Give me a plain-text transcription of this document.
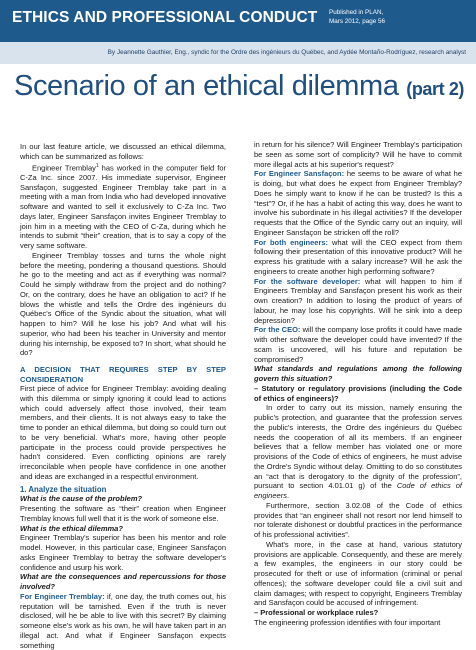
ETHICS AND PROFESSIONAL CONDUCT Published in PLAN,
Mars 2012, page 56
By Jeannette Gauthier, Eng., syndic for the Ordre des ingénieurs du Québec, and Aydée Montaño-Rodríguez, research analyst
Scenario of an ethical dilemma (part 2)

In our last feature article, we discussed an ethical dilemma, which can be summarized as follows:

Engineer Tremblay$^1$ has worked in the computer field for C-Za Inc. since 2007. His immediate supervisor, Engineer Sansfaçon, suggested Engineer Tremblay take part in a meeting with a man from India who had developed innovative software and wanted to sell it exclusively to C-Za Inc. Two days later, Engineer Sansfaçon invites Engineer Tremblay to join him in a meeting with the CEO of C-Za, during which he intends to submit “their” creation, that is to say a copy of the very same software.

Engineer Tremblay tosses and turns the whole night before the meeting, pondering a thousand questions. Should he go to the meeting and act as if everything was normal? Could he simply withdraw from the project and do nothing? Or, on the contrary, does he have an obligation to act? If he blows the whistle and tells the Ordre des ingénieurs du Québec's Office of the Syndic about the situation, what will happen to him? Will he lose his job? And what will his superior, who had been his teacher in University and mentor during his internship, be exposed to? In short, what should he do?

A DECISION THAT REQUIRES STEP BY STEP CONSIDERATION

First piece of advice for Engineer Tremblay: avoiding dealing with this dilemma or simply ignoring it could lead to actions which could adversely affect those involved, their team members, and their clients. It is not always easy to take the time to ponder an ethical dilemma, but doing so could turn out to be very beneficial. What's more, having other people participate in the process could provide perspectives he hadn't considered. Even conflicting opinions are rarely irreconcilable when people have confidence in one another and ideas are exchanged in a respectful environment.

1. Analyze the situation

What is the cause of the problem?

Presenting the software as “their” creation when Engineer Tremblay knows full well that it is the work of someone else.

What is the ethical dilemma?

Engineer Tremblay's superior has been his mentor and role model. However, in this particular case, Engineer Sansfaçon asks Engineer Tremblay to betray the software developer's confidence and usurp his work.

What are the consequences and repercussions for those involved?

For Engineer Tremblay: if, one day, the truth comes out, his reputation will be tarnished. Even if the truth is never disclosed, will he be able to live with this secret? By claiming someone else's work as his own, he will have taken part in an illegal act. And what if Engineer Sansfaçon expects something

in return for his silence? Will Engineer Tremblay's participation be seen as some sort of complicity? Will he have to commit more illegal acts at his superior's request?

For Engineer Sansfaçon: he seems to be aware of what he is doing, but what does he expect from Engineer Tremblay? Does he simply want to know if he can be trusted? Is this a “test”? Or, if he has a habit of acting this way, does he want to involve his subordinate in his illegal activities? If the developer requests that the Office of the Syndic carry out an inquiry, will Engineer Sansfaçon be stricken off the roll?

For both engineers: what will the CEO expect from them following their presentation of this innovative product? Will he express his gratitude with a salary increase? Will he ask the engineers to create another high performing software?

For the software developer: what will happen to him if Engineers Tremblay and Sansfaçon present his work as their own creation? In addition to losing the product of years of labour, he may lose his copyrights. Will he sink into a deep depression?

For the CEO: will the company lose profits it could have made with other software the developer could have invented? If the scam is uncovered, will his future and reputation be compromised?

What standards and regulations among the following govern this situation?

– Statutory or regulatory provisions (including the Code of ethics of engineers)?

In order to carry out its mission, namely ensuring the public's protection, and guarantee that the profession serves the public's interests, the Ordre des ingénieurs du Québec needs the cooperation of all its members. If an engineer believes that a fellow member has violated one or more provisions of the Code of ethics of engineers, he must advise the Ordre's Syndic without delay. Omitting to do so constitutes an “act that is derogatory to the dignity of the profession”, pursuant to section 4.01.01 g) of the Code of ethics of engineers.

Furthermore, section 3.02.08 of the Code of ethics provides that “an engineer shall not resort nor lend himself to nor tolerate dishonest or doubtful practices in the performance of his professional activities”.

What's more, in the case at hand, various statutory provisions are applicable. Consequently, and these are merely a few examples, the engineers in our story could be prosecuted for theft or use of information (criminal or penal offences); the software developer could file a civil suit and claim damages; with respect to copyright, Engineers Tremblay and Sansfaçon could be accused of infringement.

– Professional or workplace rules?

The engineering profession identifies with four important
